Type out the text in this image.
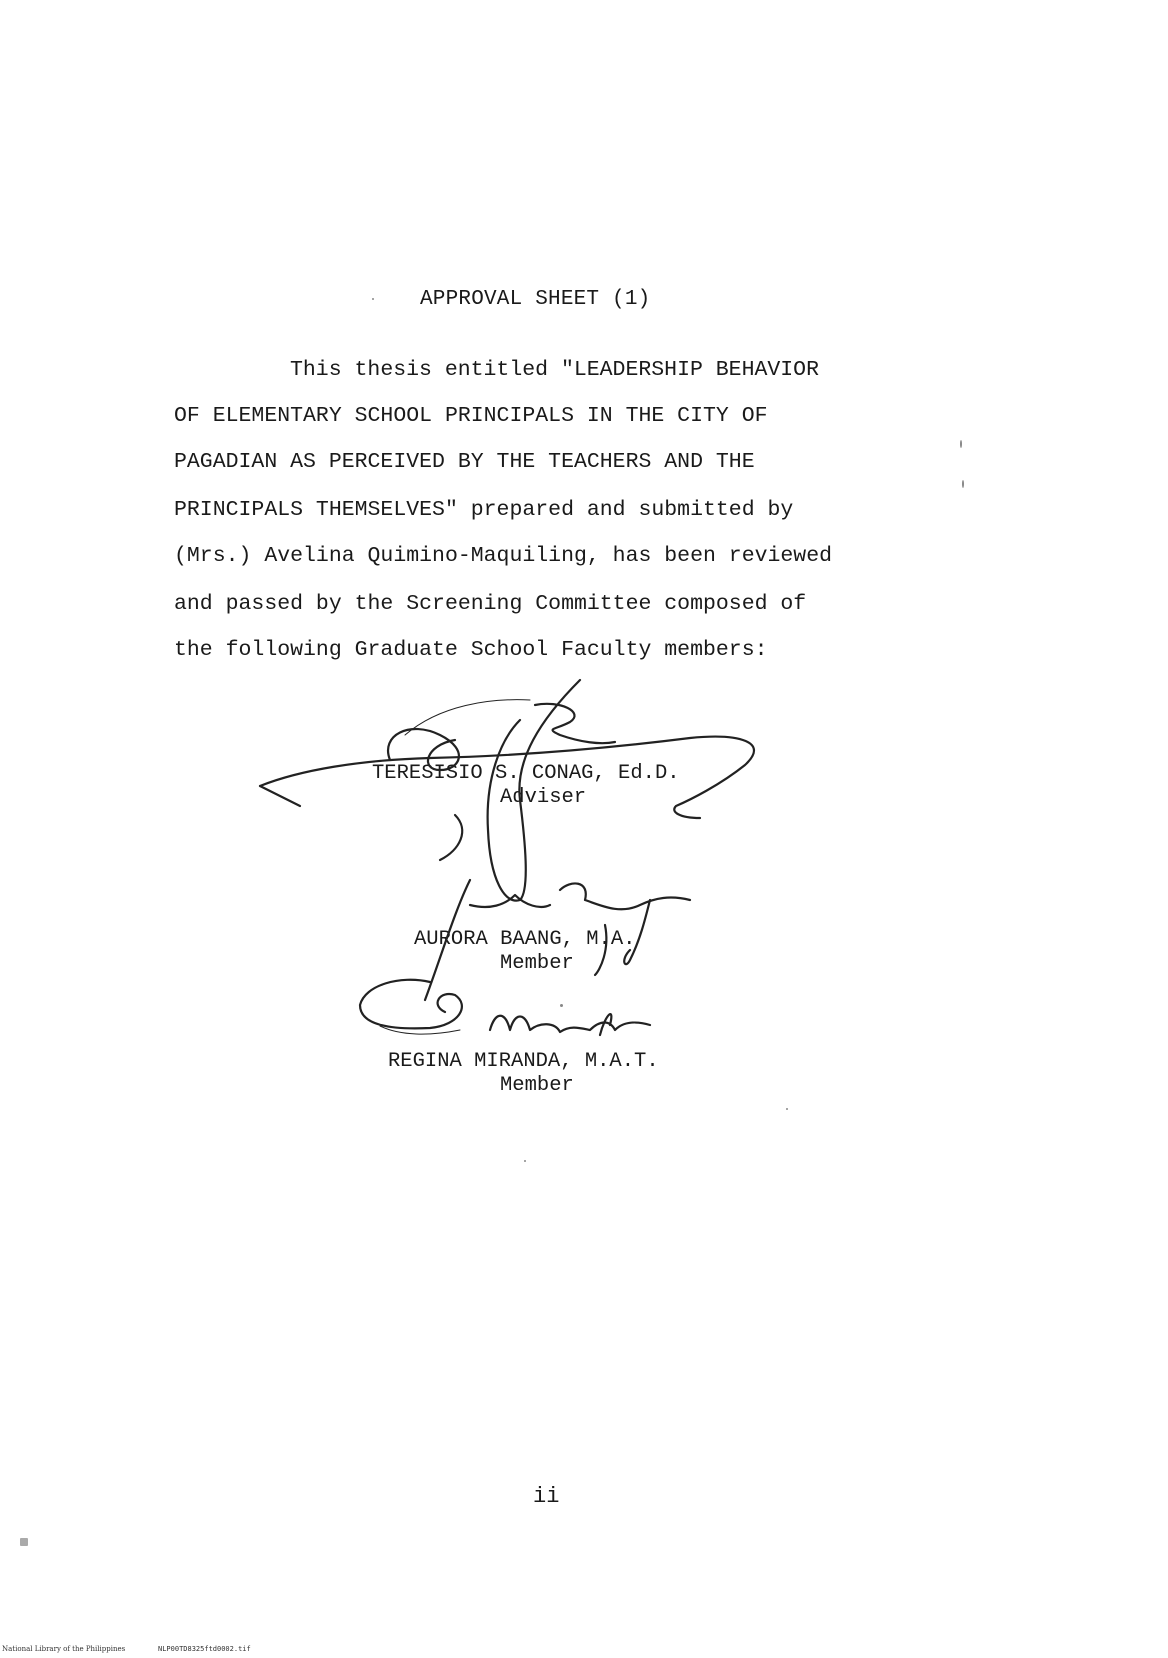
APPROVAL SHEET (1)
This thesis entitled "LEADERSHIP BEHAVIOR
OF ELEMENTARY SCHOOL PRINCIPALS IN THE CITY OF
PAGADIAN AS PERCEIVED BY THE TEACHERS AND THE
PRINCIPALS THEMSELVES" prepared and submitted by
(Mrs.) Avelina Quimino-Maquiling, has been reviewed
and passed by the Screening Committee composed of
the following Graduate School Faculty members:
TERESISIO S. CONAG, Ed.D.
Adviser
AURORA BAANG, M.A.
Member
REGINA MIRANDA, M.A.T.
Member
ii
National Library of the Philippines	NLP00TD8325ftd0002.tif
